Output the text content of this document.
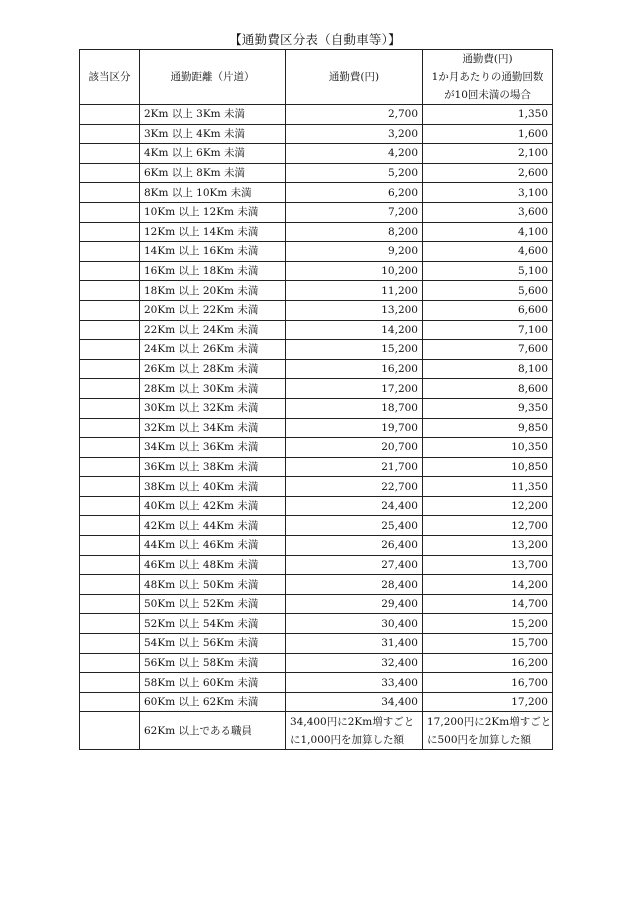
【通勤費区分表（自動車等）】
該当区分	通勤距離（片道）	通勤費(円)	通勤費(円)
1か月あたりの通勤回数
が10回未満の場合

	2Km 以上 3Km 未満	2,700	1,350
	3Km 以上 4Km 未満	3,200	1,600
	4Km 以上 6Km 未満	4,200	2,100
	6Km 以上 8Km 未満	5,200	2,600
	8Km 以上 10Km 未満	6,200	3,100
	10Km 以上 12Km 未満	7,200	3,600
	12Km 以上 14Km 未満	8,200	4,100
	14Km 以上 16Km 未満	9,200	4,600
	16Km 以上 18Km 未満	10,200	5,100
	18Km 以上 20Km 未満	11,200	5,600
	20Km 以上 22Km 未満	13,200	6,600
	22Km 以上 24Km 未満	14,200	7,100
	24Km 以上 26Km 未満	15,200	7,600
	26Km 以上 28Km 未満	16,200	8,100
	28Km 以上 30Km 未満	17,200	8,600
	30Km 以上 32Km 未満	18,700	9,350
	32Km 以上 34Km 未満	19,700	9,850
	34Km 以上 36Km 未満	20,700	10,350
	36Km 以上 38Km 未満	21,700	10,850
	38Km 以上 40Km 未満	22,700	11,350
	40Km 以上 42Km 未満	24,400	12,200
	42Km 以上 44Km 未満	25,400	12,700
	44Km 以上 46Km 未満	26,400	13,200
	46Km 以上 48Km 未満	27,400	13,700
	48Km 以上 50Km 未満	28,400	14,200
	50Km 以上 52Km 未満	29,400	14,700
	52Km 以上 54Km 未満	30,400	15,200
	54Km 以上 56Km 未満	31,400	15,700
	56Km 以上 58Km 未満	32,400	16,200
	58Km 以上 60Km 未満	33,400	16,700
	60Km 以上 62Km 未満	34,400	17,200
	62Km 以上である職員	34,400円に2Km増すごと
に1,000円を加算した額	17,200円に2Km増すごと
に500円を加算した額
